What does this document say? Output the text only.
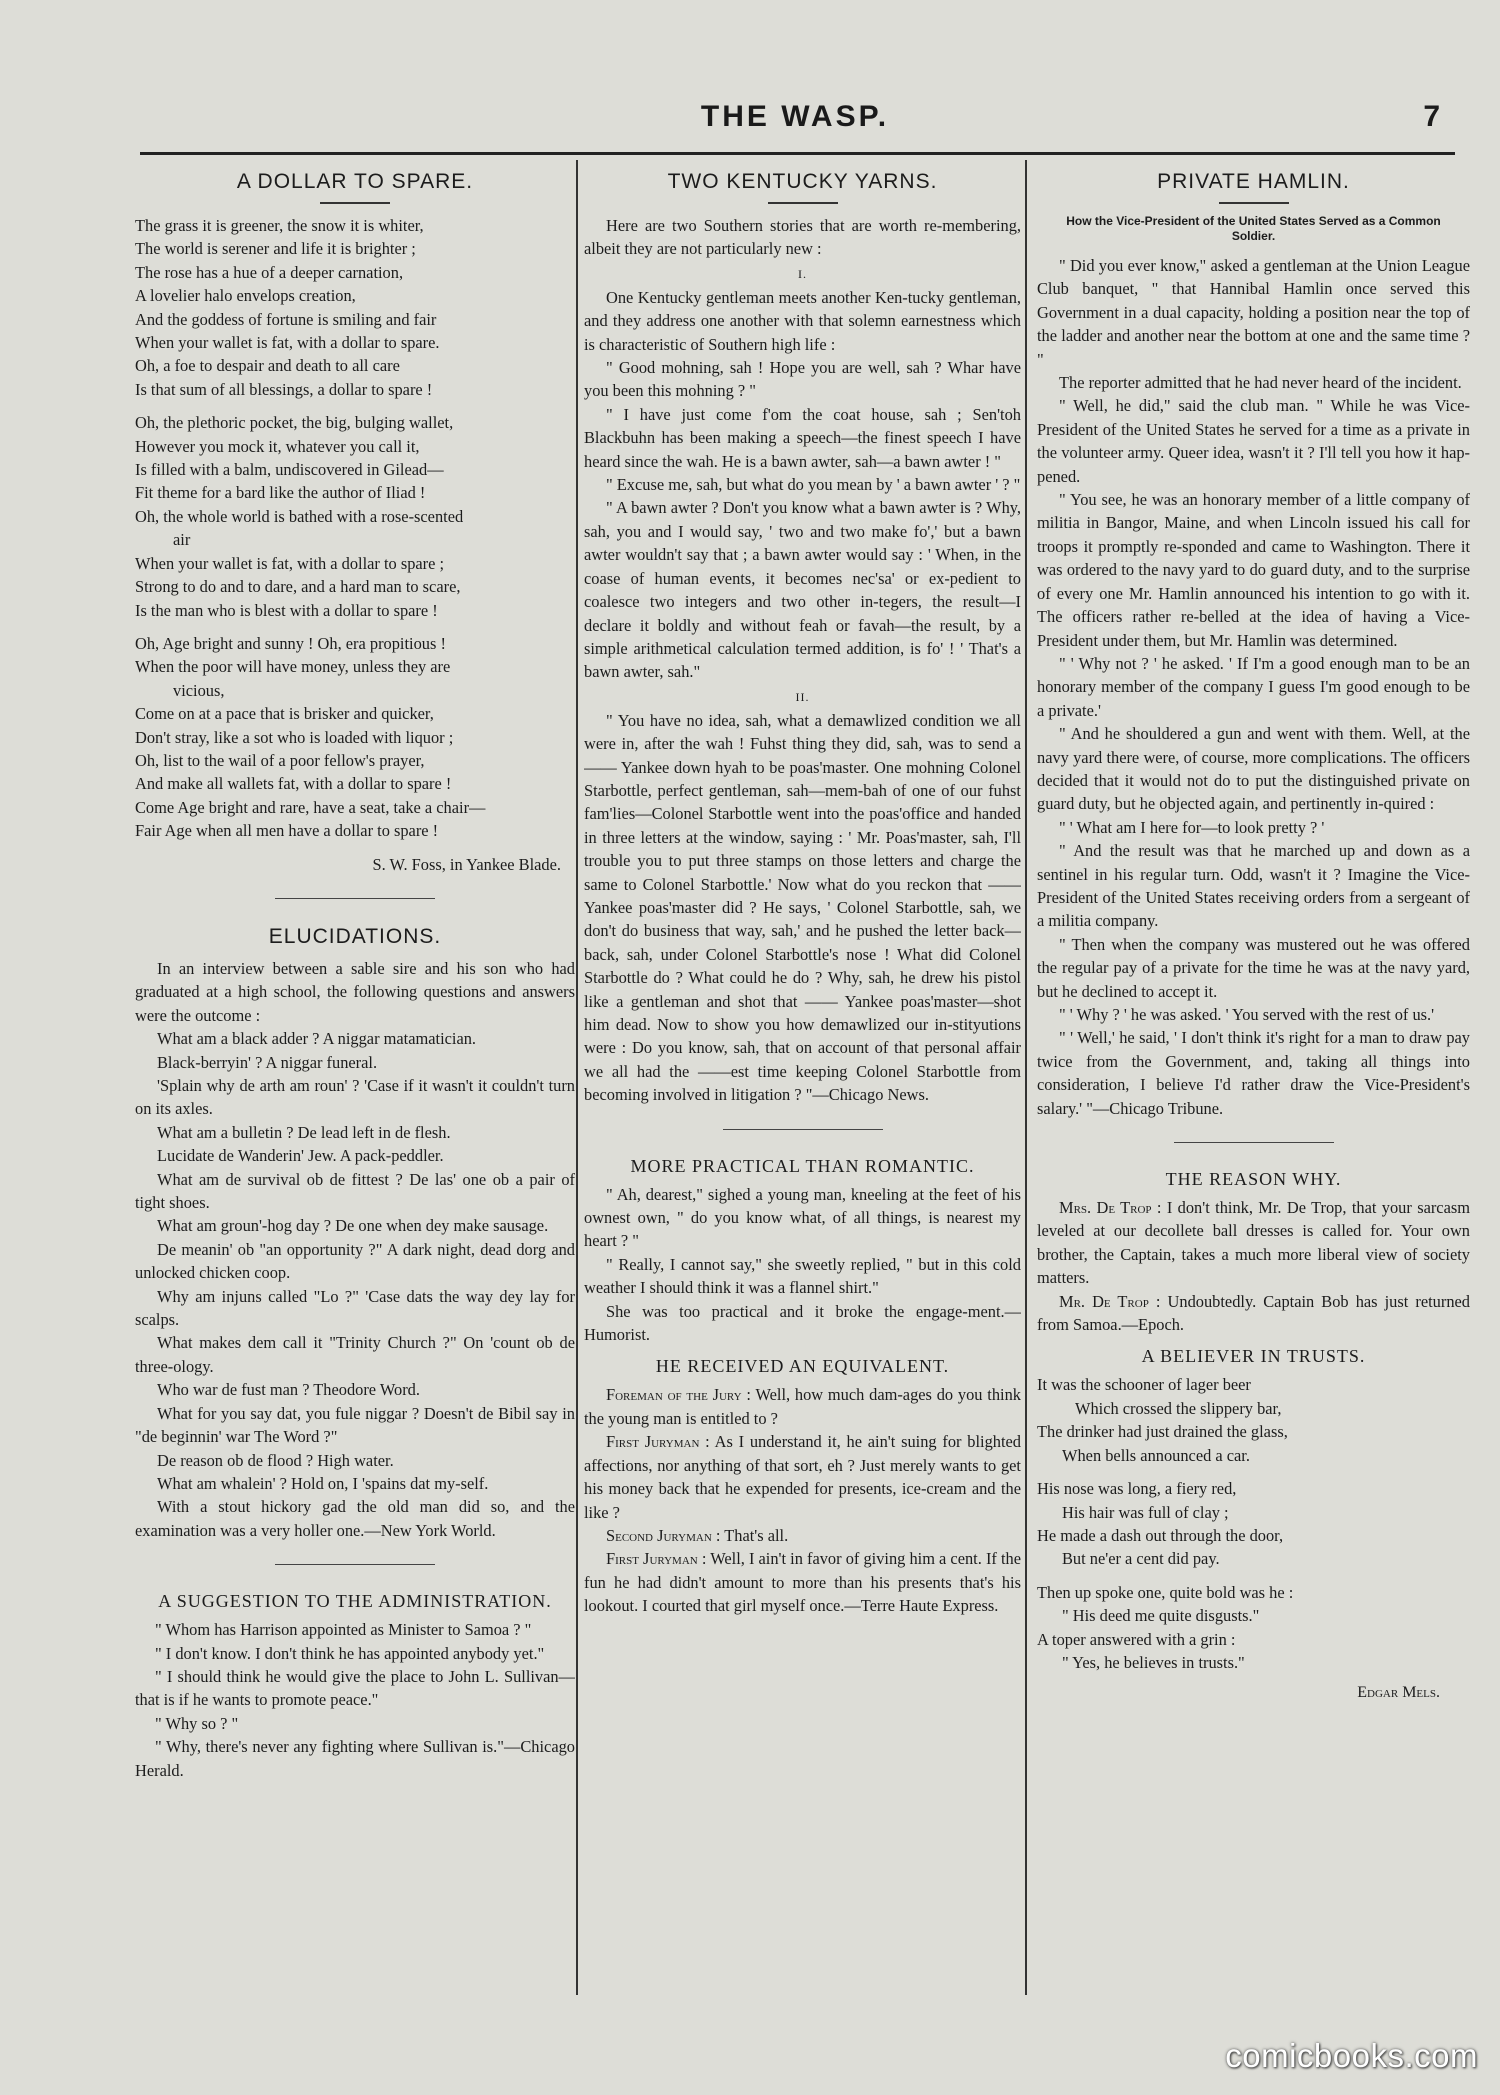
THE WASP.	7
A DOLLAR TO SPARE.
The grass it is greener, the snow it is whiter,
The world is serener and life it is brighter ;
The rose has a hue of a deeper carnation,
A lovelier halo envelops creation,
And the goddess of fortune is smiling and fair
When your wallet is fat, with a dollar to spare.
Oh, a foe to despair and death to all care
Is that sum of all blessings, a dollar to spare !
Oh, the plethoric pocket, the big, bulging wallet,
However you mock it, whatever you call it,
Is filled with a balm, undiscovered in Gilead—
Fit theme for a bard like the author of Iliad !
Oh, the whole world is bathed with a rose-scented
air
When your wallet is fat, with a dollar to spare ;
Strong to do and to dare, and a hard man to scare,
Is the man who is blest with a dollar to spare !
Oh, Age bright and sunny ! Oh, era propitious !
When the poor will have money, unless they are
vicious,
Come on at a pace that is brisker and quicker,
Don't stray, like a sot who is loaded with liquor ;
Oh, list to the wail of a poor fellow's prayer,
And make all wallets fat, with a dollar to spare !
Come Age bright and rare, have a seat, take a chair—
Fair Age when all men have a dollar to spare !
S. W. Foss, in Yankee Blade.
ELUCIDATIONS.

In an interview between a sable sire and his son who had graduated at a high school, the following questions and answers were the outcome :

What am a black adder ? A niggar matamatician.

Black-berryin' ? A niggar funeral.

'Splain why de arth am roun' ? 'Case if it wasn't it couldn't turn on its axles.

What am a bulletin ? De lead left in de flesh.

Lucidate de Wanderin' Jew. A pack-peddler.

What am de survival ob de fittest ? De las' one ob a pair of tight shoes.

What am groun'-hog day ? De one when dey make sausage.

De meanin' ob "an opportunity ?" A dark night, dead dorg and unlocked chicken coop.

Why am injuns called "Lo ?" 'Case dats the way dey lay for scalps.

What makes dem call it "Trinity Church ?" On 'count ob de three-ology.

Who war de fust man ? Theodore Word.

What for you say dat, you fule niggar ? Doesn't de Bibil say in "de beginnin' war The Word ?"

De reason ob de flood ? High water.

What am whalein' ? Hold on, I 'spains dat my-self.

With a stout hickory gad the old man did so, and the examination was a very holler one.—New York World.

A SUGGESTION TO THE ADMINISTRATION.

" Whom has Harrison appointed as Minister to Samoa ? "

" I don't know. I don't think he has appointed anybody yet."

" I should think he would give the place to John L. Sullivan—that is if he wants to promote peace."

" Why so ? "

" Why, there's never any fighting where Sullivan is."—Chicago Herald.

TWO KENTUCKY YARNS.

Here are two Southern stories that are worth re-membering, albeit they are not particularly new :

I.

One Kentucky gentleman meets another Ken-tucky gentleman, and they address one another with that solemn earnestness which is characteristic of Southern high life :

" Good mohning, sah ! Hope you are well, sah ? Whar have you been this mohning ? "

" I have just come f'om the coat house, sah ; Sen'toh Blackbuhn has been making a speech—the finest speech I have heard since the wah. He is a bawn awter, sah—a bawn awter ! "

" Excuse me, sah, but what do you mean by ' a bawn awter ' ? "

" A bawn awter ? Don't you know what a bawn awter is ? Why, sah, you and I would say, ' two and two make fo',' but a bawn awter wouldn't say that ; a bawn awter would say : ' When, in the coase of human events, it becomes nec'sa' or ex-pedient to coalesce two integers and two other in-tegers, the result—I declare it boldly and without feah or favah—the result, by a simple arithmetical calculation termed addition, is fo' ! ' That's a bawn awter, sah."

II.

" You have no idea, sah, what a demawlized condition we all were in, after the wah ! Fuhst thing they did, sah, was to send a —— Yankee down hyah to be poas'master. One mohning Colonel Starbottle, perfect gentleman, sah—mem-bah of one of our fuhst fam'lies—Colonel Starbottle went into the poas'office and handed in three letters at the window, saying : ' Mr. Poas'master, sah, I'll trouble you to put three stamps on those letters and charge the same to Colonel Starbottle.' Now what do you reckon that —— Yankee poas'master did ? He says, ' Colonel Starbottle, sah, we don't do business that way, sah,' and he pushed the letter back—back, sah, under Colonel Starbottle's nose ! What did Colonel Starbottle do ? What could he do ? Why, sah, he drew his pistol like a gentleman and shot that —— Yankee poas'master—shot him dead. Now to show you how demawlized our in-stityutions were : Do you know, sah, that on account of that personal affair we all had the ——est time keeping Colonel Starbottle from becoming involved in litigation ? "—Chicago News.

MORE PRACTICAL THAN ROMANTIC.

" Ah, dearest," sighed a young man, kneeling at the feet of his ownest own, " do you know what, of all things, is nearest my heart ? "

" Really, I cannot say," she sweetly replied, " but in this cold weather I should think it was a flannel shirt."

She was too practical and it broke the engage-ment.—Humorist.

HE RECEIVED AN EQUIVALENT.

Foreman of the Jury : Well, how much dam-ages do you think the young man is entitled to ?

First Juryman : As I understand it, he ain't suing for blighted affections, nor anything of that sort, eh ? Just merely wants to get his money back that he expended for presents, ice-cream and the like ?

Second Juryman : That's all.

First Juryman : Well, I ain't in favor of giving him a cent. If the fun he had didn't amount to more than his presents that's his lookout. I courted that girl myself once.—Terre Haute Express.

PRIVATE HAMLIN.
How the Vice-President of the United States Served as a Common Soldier.

" Did you ever know," asked a gentleman at the Union League Club banquet, " that Hannibal Hamlin once served this Government in a dual capacity, holding a position near the top of the ladder and another near the bottom at one and the same time ? "

The reporter admitted that he had never heard of the incident.

" Well, he did," said the club man. " While he was Vice-President of the United States he served for a time as a private in the volunteer army. Queer idea, wasn't it ? I'll tell you how it hap-pened.

" You see, he was an honorary member of a little company of militia in Bangor, Maine, and when Lincoln issued his call for troops it promptly re-sponded and came to Washington. There it was ordered to the navy yard to do guard duty, and to the surprise of every one Mr. Hamlin announced his intention to go with it. The officers rather re-belled at the idea of having a Vice-President under them, but Mr. Hamlin was determined.

" ' Why not ? ' he asked. ' If I'm a good enough man to be an honorary member of the company I guess I'm good enough to be a private.'

" And he shouldered a gun and went with them. Well, at the navy yard there were, of course, more complications. The officers decided that it would not do to put the distinguished private on guard duty, but he objected again, and pertinently in-quired :

" ' What am I here for—to look pretty ? '

" And the result was that he marched up and down as a sentinel in his regular turn. Odd, wasn't it ? Imagine the Vice-President of the United States receiving orders from a sergeant of a militia company.

" Then when the company was mustered out he was offered the regular pay of a private for the time he was at the navy yard, but he declined to accept it.

" ' Why ? ' he was asked. ' You served with the rest of us.'

" ' Well,' he said, ' I don't think it's right for a man to draw pay twice from the Government, and, taking all things into consideration, I believe I'd rather draw the Vice-President's salary.' "—Chicago Tribune.

THE REASON WHY.

Mrs. De Trop : I don't think, Mr. De Trop, that your sarcasm leveled at our decollete ball dresses is called for. Your own brother, the Captain, takes a much more liberal view of society matters.

Mr. De Trop : Undoubtedly. Captain Bob has just returned from Samoa.—Epoch.

A BELIEVER IN TRUSTS.
It was the schooner of lager beer
Which crossed the slippery bar,
The drinker had just drained the glass,
When bells announced a car.
His nose was long, a fiery red,
His hair was full of clay ;
He made a dash out through the door,
But ne'er a cent did pay.
Then up spoke one, quite bold was he :
" His deed me quite disgusts."
A toper answered with a grin :
" Yes, he believes in trusts."
Edgar Mels.
comicbooks.com
